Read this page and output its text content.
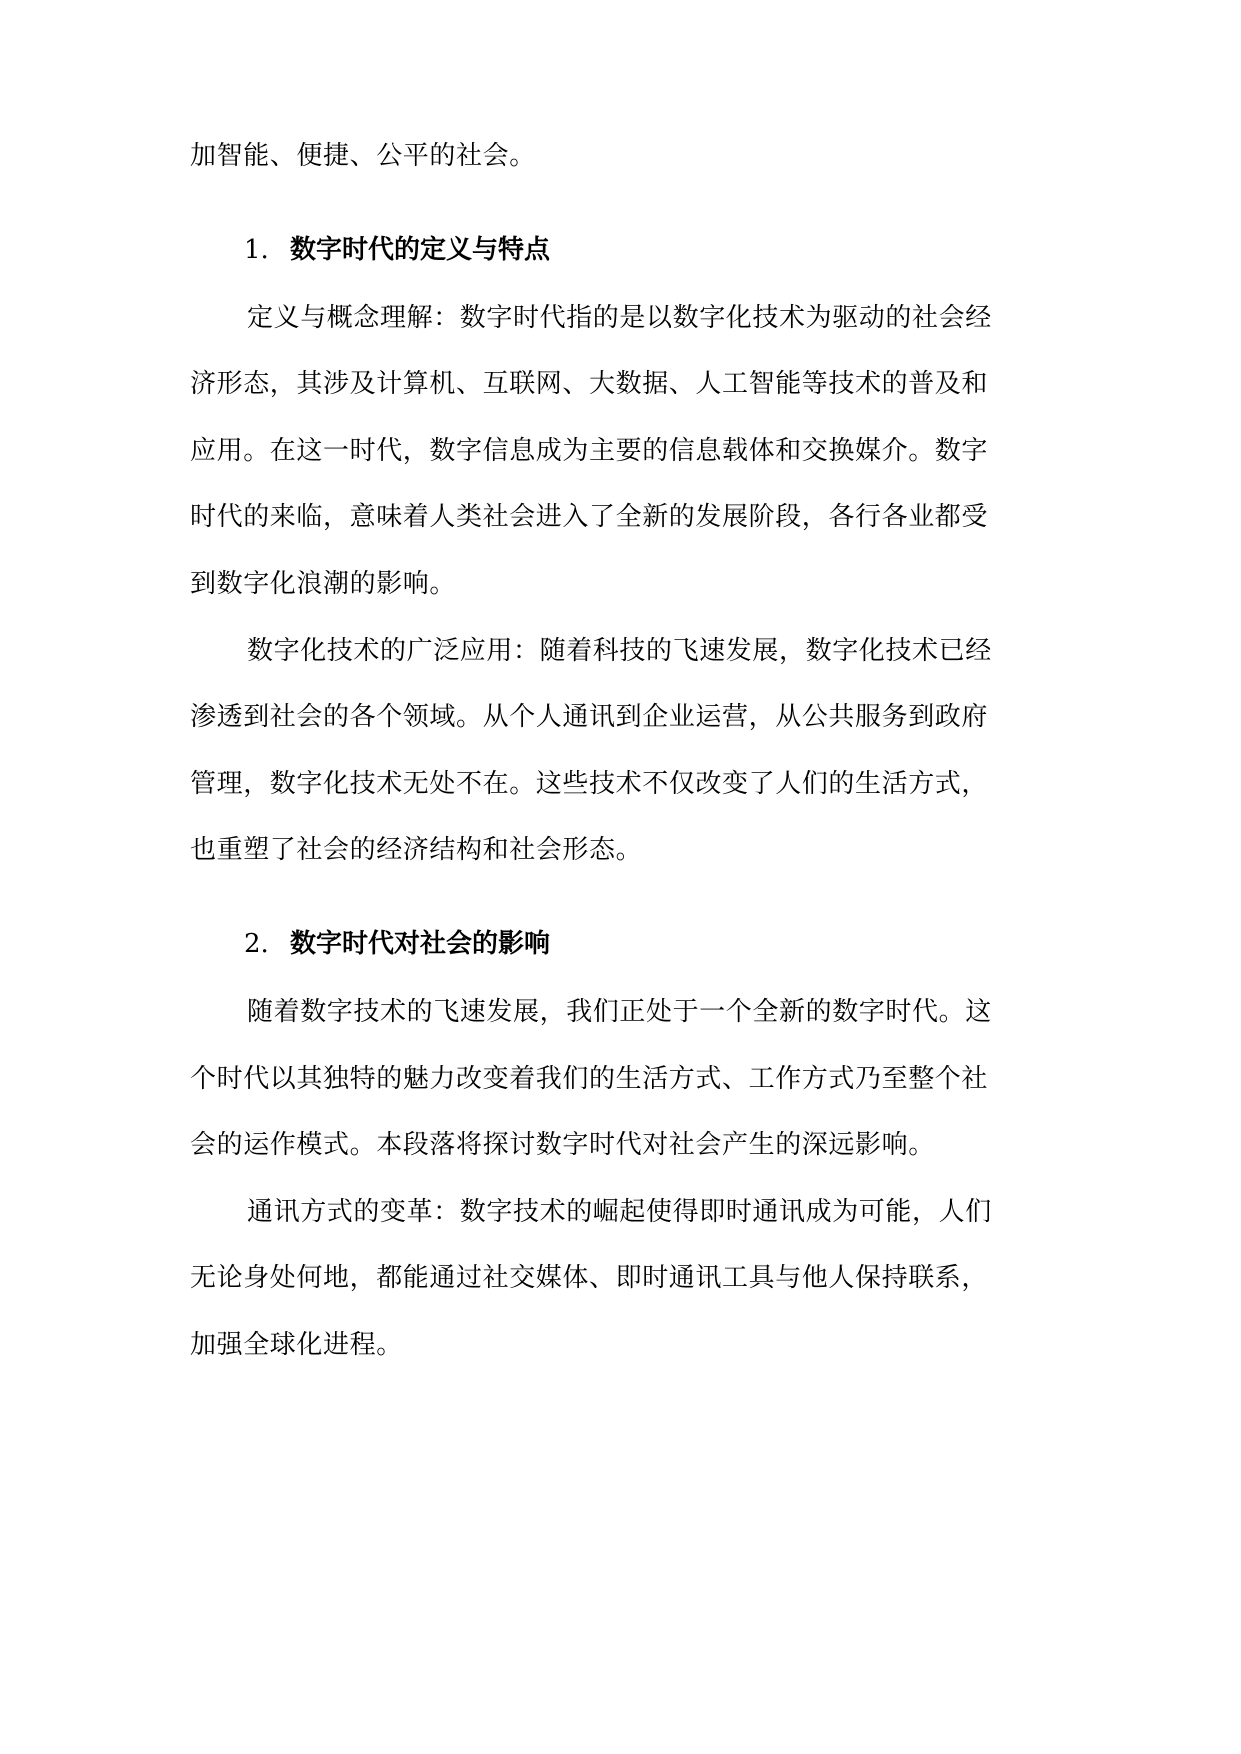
加智能、便捷、公平的社会。
1. 数字时代的定义与特点
定义与概念理解：数字时代指的是以数字化技术为驱动的社会经
济形态，其涉及计算机、互联网、大数据、人工智能等技术的普及和
应用。在这一时代，数字信息成为主要的信息载体和交换媒介。数字
时代的来临，意味着人类社会进入了全新的发展阶段，各行各业都受
到数字化浪潮的影响。
数字化技术的广泛应用：随着科技的飞速发展，数字化技术已经
渗透到社会的各个领域。从个人通讯到企业运营，从公共服务到政府
管理，数字化技术无处不在。这些技术不仅改变了人们的生活方式，
也重塑了社会的经济结构和社会形态。
2. 数字时代对社会的影响
随着数字技术的飞速发展，我们正处于一个全新的数字时代。这
个时代以其独特的魅力改变着我们的生活方式、工作方式乃至整个社
会的运作模式。本段落将探讨数字时代对社会产生的深远影响。
通讯方式的变革：数字技术的崛起使得即时通讯成为可能，人们
无论身处何地，都能通过社交媒体、即时通讯工具与他人保持联系，
加强全球化进程。
